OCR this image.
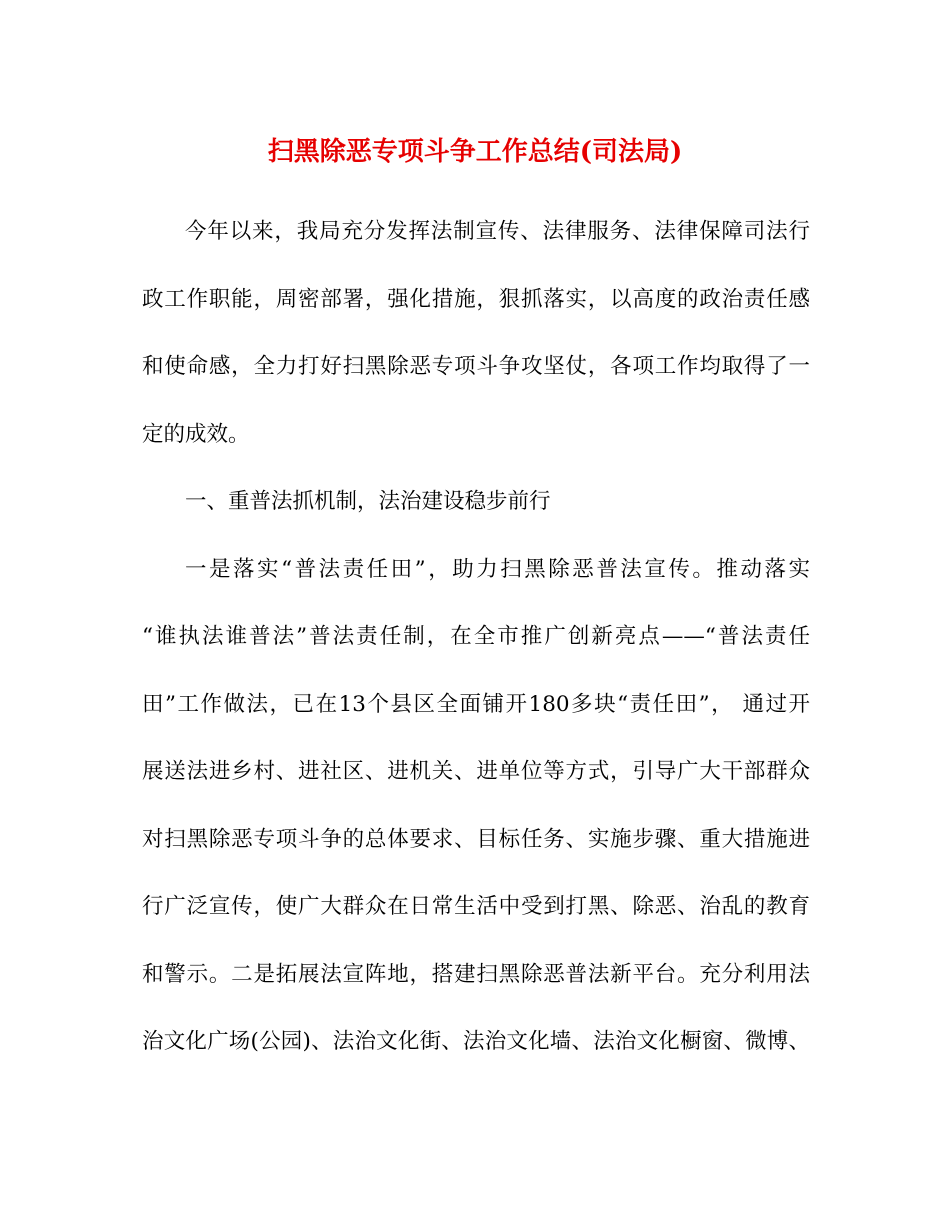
扫黑除恶专项斗争工作总结(司法局)
今年以来，我局充分发挥法制宣传、法律服务、法律保障司法行
政工作职能，周密部署，强化措施，狠抓落实，以高度的政治责任感
和使命感，全力打好扫黑除恶专项斗争攻坚仗，各项工作均取得了一
定的成效。
一、重普法抓机制，法治建设稳步前行
一是落实“普法责任田”，助力扫黑除恶普法宣传。推动落实
“谁执法谁普法”普法责任制，在全市推广创新亮点——“普法责任
田”工作做法，已在13个县区全面铺开180多块“责任田”， 通过开
展送法进乡村、进社区、进机关、进单位等方式，引导广大干部群众
对扫黑除恶专项斗争的总体要求、目标任务、实施步骤、重大措施进
行广泛宣传，使广大群众在日常生活中受到打黑、除恶、治乱的教育
和警示。二是拓展法宣阵地，搭建扫黑除恶普法新平台。充分利用法
治文化广场(公园)、法治文化街、法治文化墙、法治文化橱窗、微博、
